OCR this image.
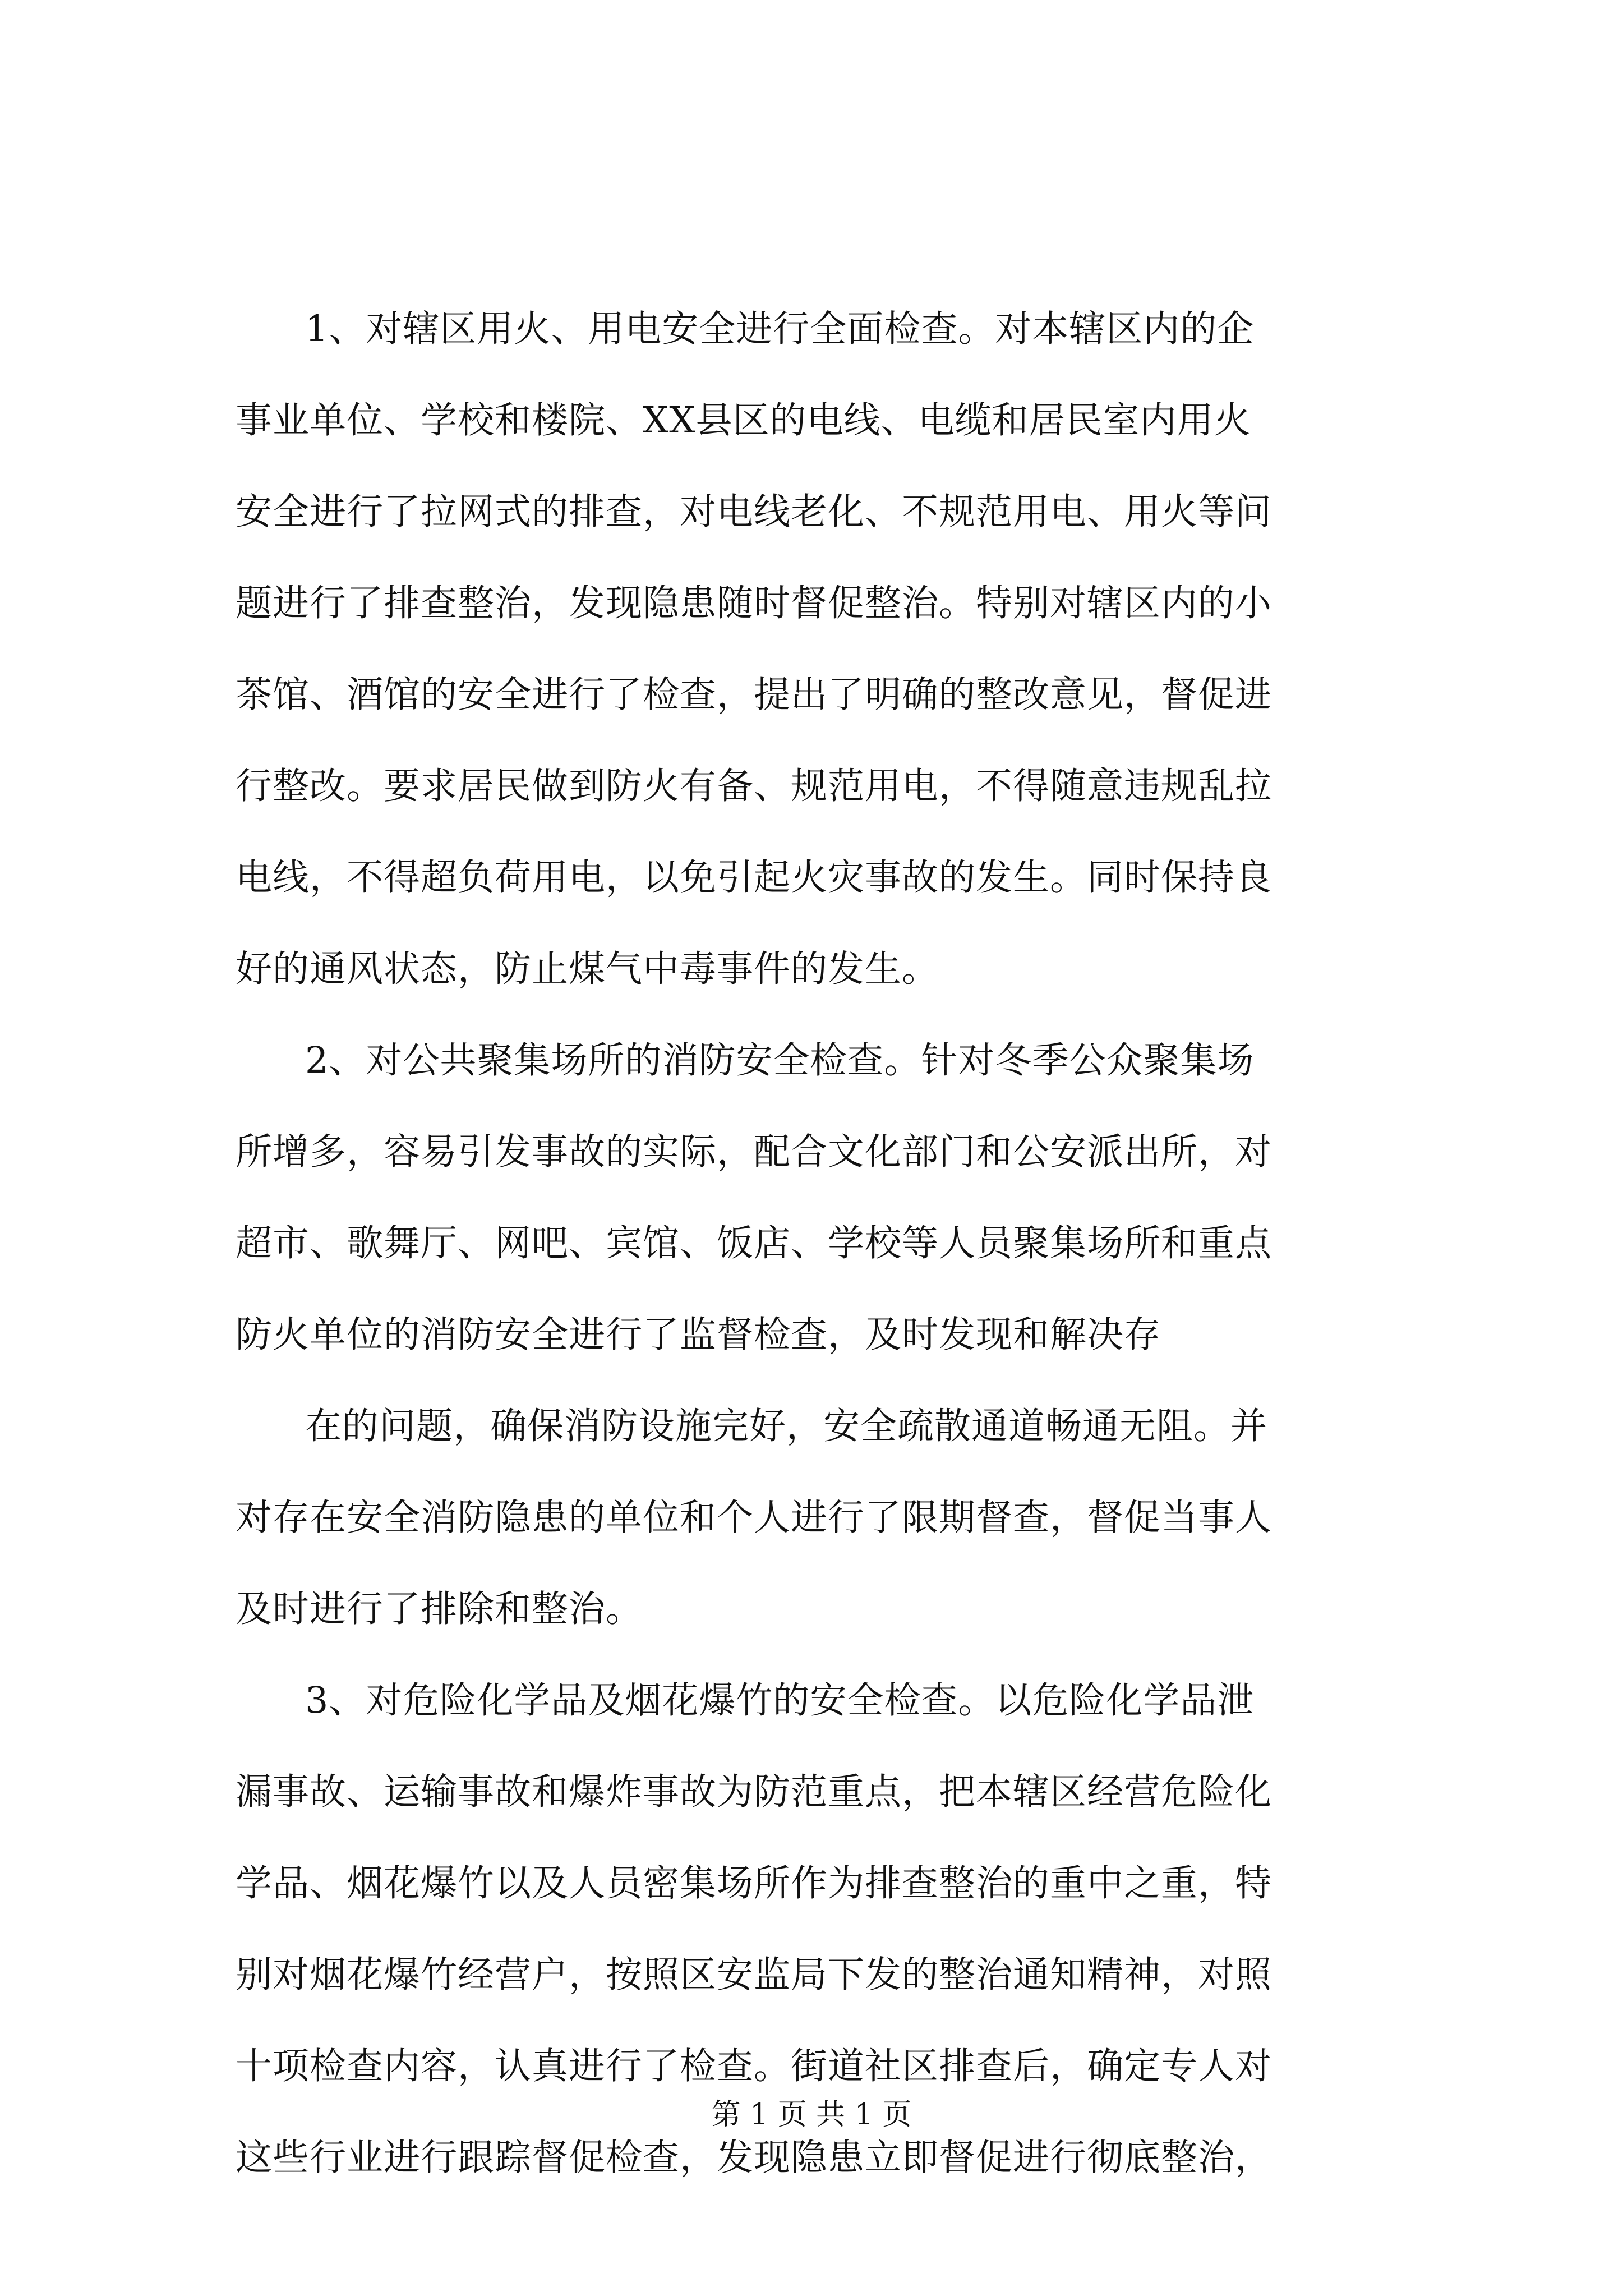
1、对辖区用火、用电安全进行全面检查。对本辖区内的企
事业单位、学校和楼院、XX县区的电线、电缆和居民室内用火
安全进行了拉网式的排查，对电线老化、不规范用电、用火等问
题进行了排查整治，发现隐患随时督促整治。特别对辖区内的小
茶馆、酒馆的安全进行了检查，提出了明确的整改意见，督促进
行整改。要求居民做到防火有备、规范用电，不得随意违规乱拉
电线，不得超负荷用电，以免引起火灾事故的发生。同时保持良
好的通风状态，防止煤气中毒事件的发生。

2、对公共聚集场所的消防安全检查。针对冬季公众聚集场
所增多，容易引发事故的实际，配合文化部门和公安派出所，对
超市、歌舞厅、网吧、宾馆、饭店、学校等人员聚集场所和重点
防火单位的消防安全进行了监督检查，及时发现和解决存

在的问题，确保消防设施完好，安全疏散通道畅通无阻。并
对存在安全消防隐患的单位和个人进行了限期督查，督促当事人
及时进行了排除和整治。

3、对危险化学品及烟花爆竹的安全检查。以危险化学品泄
漏事故、运输事故和爆炸事故为防范重点，把本辖区经营危险化
学品、烟花爆竹以及人员密集场所作为排查整治的重中之重，特
别对烟花爆竹经营户，按照区安监局下发的整治通知精神，对照
十项检查内容，认真进行了检查。街道社区排查后，确定专人对
这些行业进行跟踪督促检查，发现隐患立即督促进行彻底整治，

第 1 页 共 1 页
